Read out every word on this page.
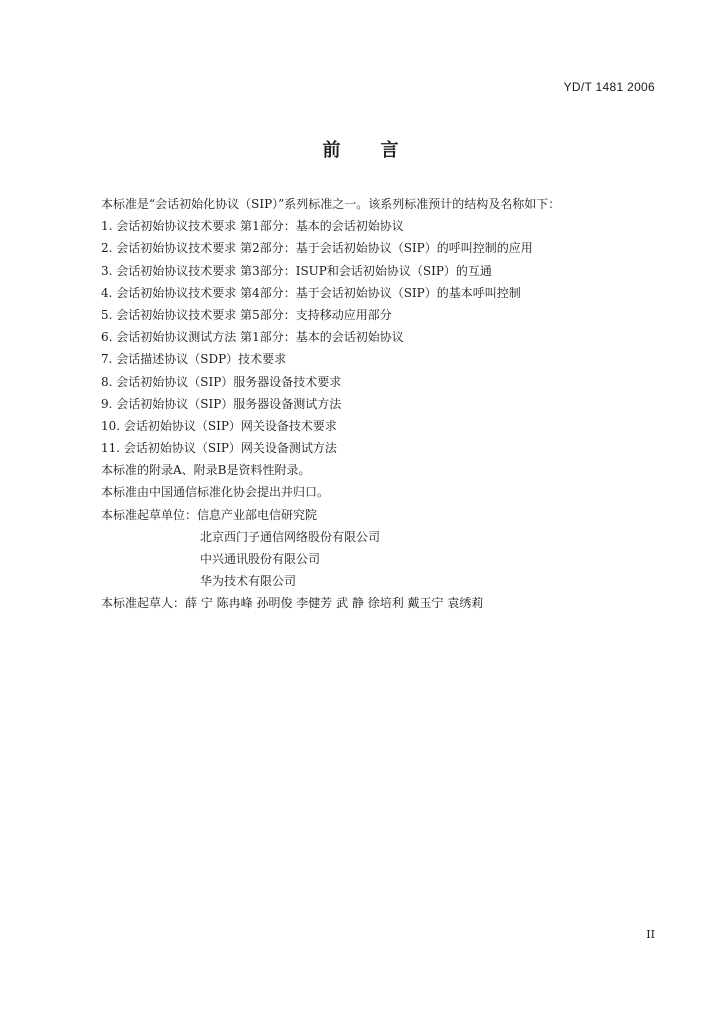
YD/T 1481 2006
前言
本标准是“会话初始化协议（SIP）”系列标准之一。该系列标准预计的结构及名称如下：
1. 会话初始协议技术要求 第1部分：基本的会话初始协议
2. 会话初始协议技术要求 第2部分：基于会话初始协议（SIP）的呼叫控制的应用
3. 会话初始协议技术要求 第3部分：ISUP和会话初始协议（SIP）的互通
4. 会话初始协议技术要求 第4部分：基于会话初始协议（SIP）的基本呼叫控制
5. 会话初始协议技术要求 第5部分：支持移动应用部分
6. 会话初始协议测试方法 第1部分：基本的会话初始协议
7. 会话描述协议（SDP）技术要求
8. 会话初始协议（SIP）服务器设备技术要求
9. 会话初始协议（SIP）服务器设备测试方法
10. 会话初始协议（SIP）网关设备技术要求
11. 会话初始协议（SIP）网关设备测试方法
本标准的附录A、附录B是资料性附录。
本标准由中国通信标准化协会提出并归口。
本标准起草单位：信息产业部电信研究院
北京西门子通信网络股份有限公司
中兴通讯股份有限公司
华为技术有限公司
本标准起草人：薛 宁 陈冉峰 孙明俊 李健芳 武 静 徐培利 戴玉宁 袁绣莉
II
